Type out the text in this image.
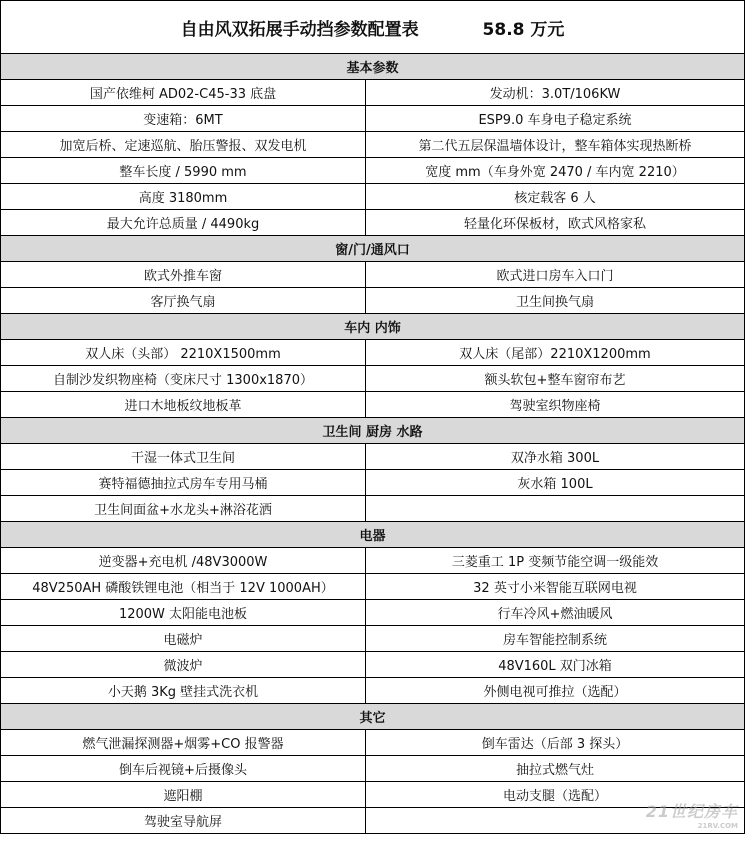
自由风双拓展手动挡参数配置表 58.8 万元	
基本参数	
国产依维柯 AD02-C45-33 底盘	发动机：3.0T/106KW
变速箱：6MT	ESP9.0 车身电子稳定系统
加宽后桥、定速巡航、胎压警报、双发电机	第二代五层保温墙体设计，整车箱体实现热断桥
整车长度 / 5990 mm	宽度 mm（车身外宽 2470 / 车内宽 2210）
高度 3180mm	核定载客 6 人
最大允许总质量 / 4490kg	轻量化环保板材，欧式风格家私
窗/门/通风口	
欧式外推车窗	欧式进口房车入口门
客厅换气扇	卫生间换气扇
车内 内饰	
双人床（头部） 2210X1500mm	双人床（尾部）2210X1200mm
自制沙发织物座椅（变床尺寸 1300x1870）	额头软包+整车窗帘布艺
进口木地板纹地板革	驾驶室织物座椅
卫生间 厨房 水路	
干湿一体式卫生间	双净水箱 300L
赛特福德抽拉式房车专用马桶	灰水箱 100L
卫生间面盆+水龙头+淋浴花洒	
电器	
逆变器+充电机 /48V3000W	三菱重工 1P 变频节能空调一级能效
48V250AH 磷酸铁锂电池（相当于 12V 1000AH）	32 英寸小米智能互联网电视
1200W 太阳能电池板	行车冷风+燃油暖风
电磁炉	房车智能控制系统
微波炉	48V160L 双门冰箱
小天鹅 3Kg 壁挂式洗衣机	外侧电视可推拉（选配）
其它	
燃气泄漏探测器+烟雾+CO 报警器	倒车雷达（后部 3 探头）
倒车后视镜+后摄像头	抽拉式燃气灶
遮阳棚	电动支腿（选配）
驾驶室导航屏	
21世纪房车
21RV.COM
